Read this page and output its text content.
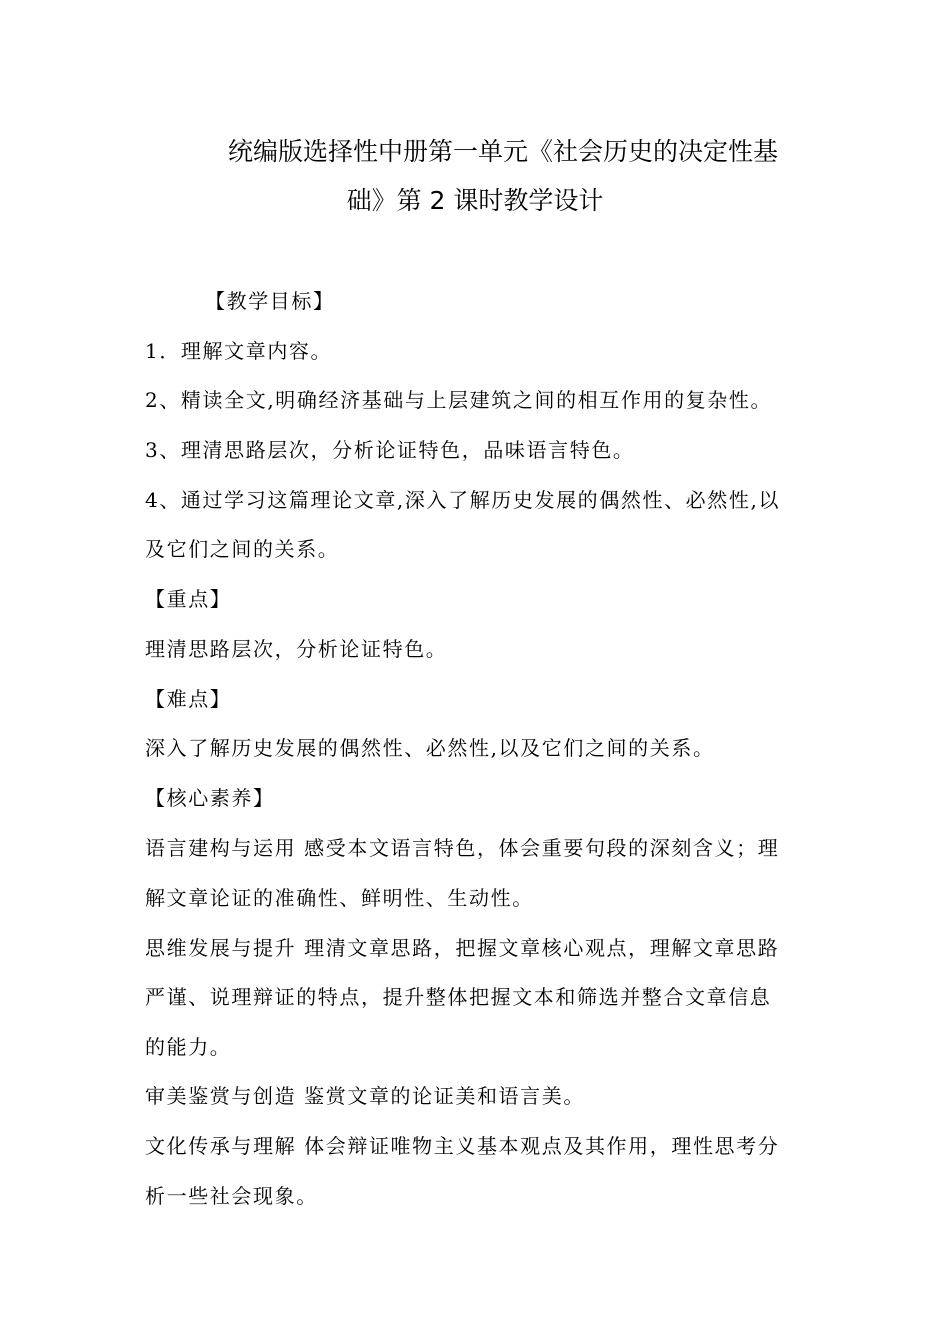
统编版选择性中册第一单元《社会历史的决定性基
础》第 2 课时教学设计
【教学目标】
1．理解文章内容。
2、精读全文,明确经济基础与上层建筑之间的相互作用的复杂性。
3、理清思路层次，分析论证特色，品味语言特色。
4、通过学习这篇理论文章,深入了解历史发展的偶然性、必然性,以
及它们之间的关系。
【重点】
理清思路层次，分析论证特色。
【难点】
深入了解历史发展的偶然性、必然性,以及它们之间的关系。
【核心素养】
语言建构与运用 感受本文语言特色，体会重要句段的深刻含义；理
解文章论证的准确性、鲜明性、生动性。
思维发展与提升 理清文章思路，把握文章核心观点，理解文章思路
严谨、说理辩证的特点，提升整体把握文本和筛选并整合文章信息
的能力。
审美鉴赏与创造 鉴赏文章的论证美和语言美。
文化传承与理解 体会辩证唯物主义基本观点及其作用，理性思考分
析一些社会现象。
